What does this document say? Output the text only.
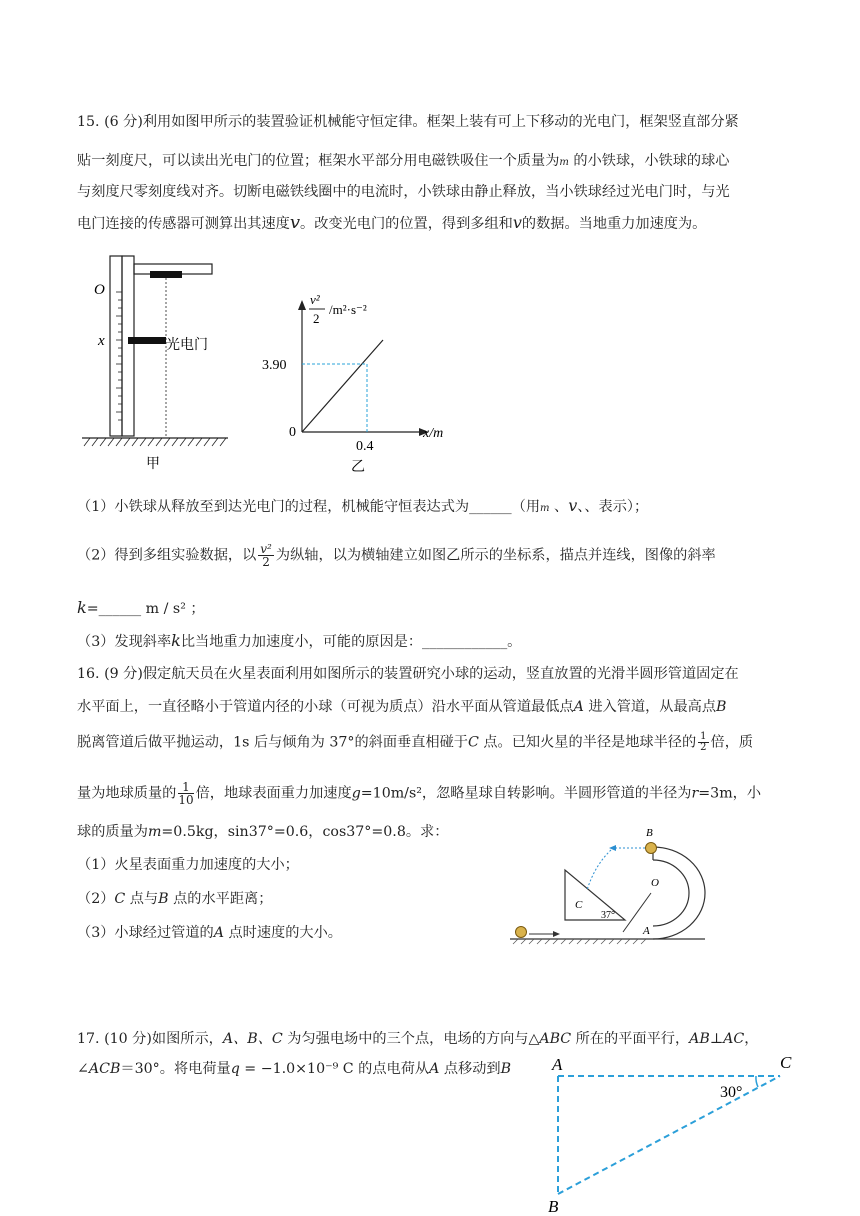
15. (6 分)利用如图甲所示的装置验证机械能守恒定律。框架上装有可上下移动的光电门，框架竖直部分紧
贴一刻度尺，可以读出光电门的位置；框架水平部分用电磁铁吸住一个质量为m 的小铁球，小铁球的球心
与刻度尺零刻度线对齐。切断电磁铁线圈中的电流时，小铁球由静止释放，当小铁球经过光电门时，与光
电门连接的传感器可测算出其速度v。改变光电门的位置，得到多组和v的数据。当地重力加速度为。
O
x	光电门
甲
v²
2
/m²·s⁻²
3.90
0
0.4
x/m
乙
（1）小铁球从释放至到达光电门的过程，机械能守恒表达式为______（用m 、v、、表示）；
（2）得到多组实验数据，以 $\frac{\text{v²}}{2}$ 为纵轴，以为横轴建立如图乙所示的坐标系，描点并连线，图像的斜率
k=______ m / s² ；
（3）发现斜率k比当地重力加速度小，可能的原因是：____________。
16. (9 分)假定航天员在火星表面利用如图所示的装置研究小球的运动，竖直放置的光滑半圆形管道固定在
水平面上，一直径略小于管道内径的小球（可视为质点）沿水平面从管道最低点A 进入管道，从最高点B
脱离管道后做平抛运动，1s 后与倾角为 37°的斜面垂直相碰于C 点。已知火星的半径是地球半径的 $\frac{1}{2}$ 倍，质
量为地球质量的 $\frac{1}{10}$ 倍，地球表面重力加速度g=10m/s²，忽略星球自转影响。半圆形管道的半径为r=3m，小
球的质量为m=0.5kg，sin37°=0.6，cos37°=0.8。求：
（1）火星表面重力加速度的大小；
（2）C 点与B 点的水平距离；
（3）小球经过管道的A 点时速度的大小。
B
O
C
37°
A
17. (10 分)如图所示，A、B、C 为匀强电场中的三个点，电场的方向与△ABC 所在的平面平行，AB⊥AC，
∠ACB＝30°。将电荷量q = −1.0×10⁻⁹ C 的点电荷从A 点移动到B A	C
B
30°
